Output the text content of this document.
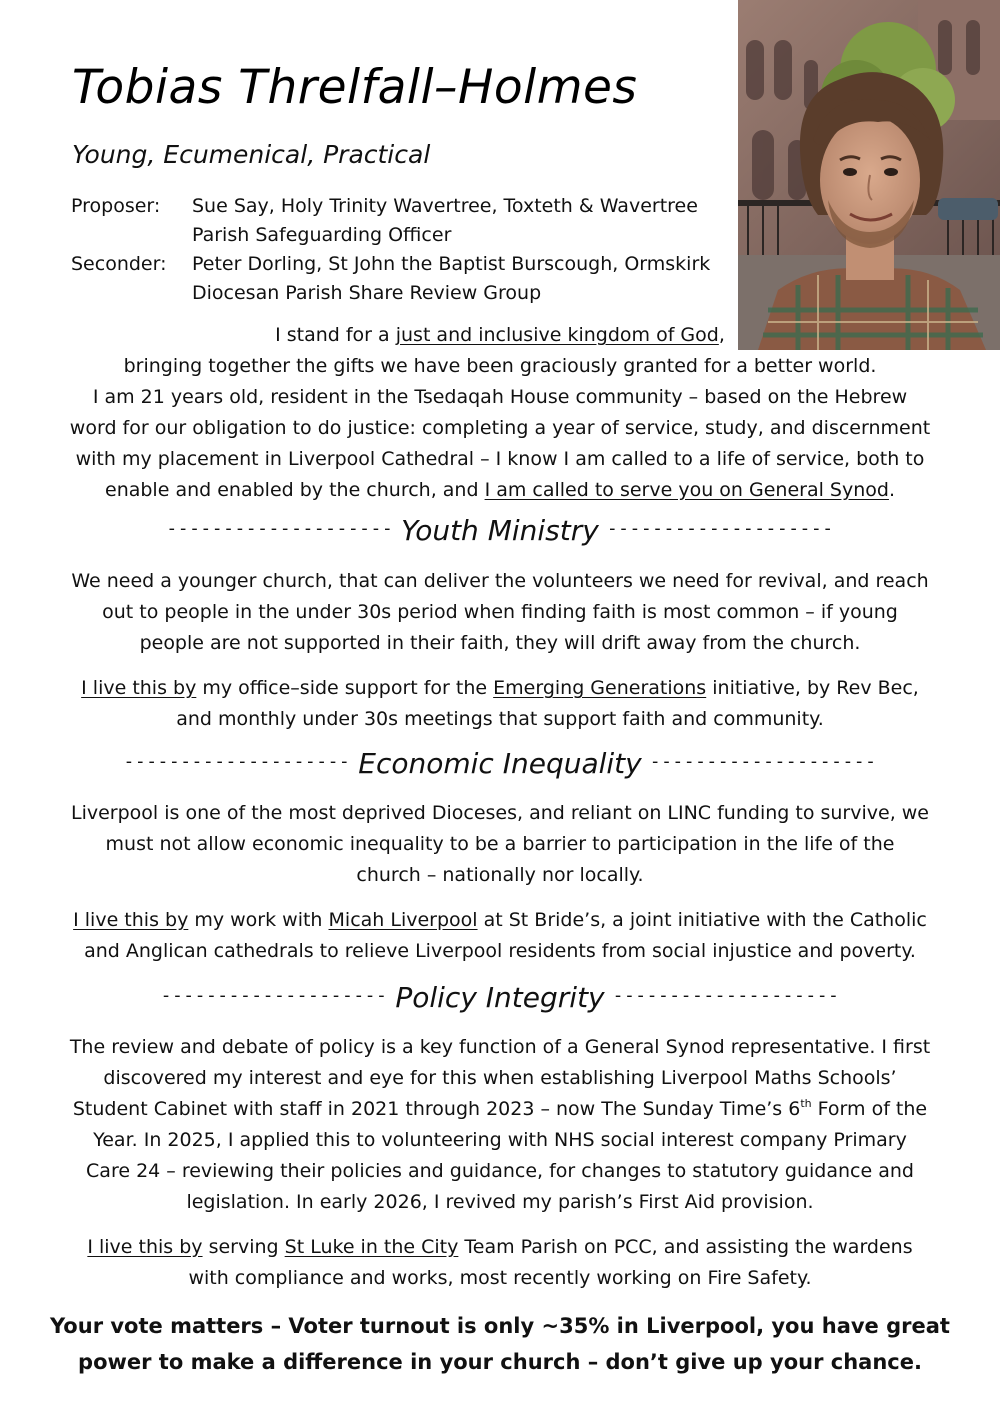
Tobias Threlfall–Holmes
Young, Ecumenical, Practical
Proposer:	Sue Say, Holy Trinity Wavertree, Toxteth & Wavertree
Parish Safeguarding Officer
Seconder:	Peter Dorling, St John the Baptist Burscough, Ormskirk
Diocesan Parish Share Review Group
I stand for a just and inclusive kingdom of God,
bringing together the gifts we have been graciously granted for a better world.
I am 21 years old, resident in the Tsedaqah House community – based on the Hebrew
word for our obligation to do justice: completing a year of service, study, and discernment
with my placement in Liverpool Cathedral – I know I am called to a life of service, both to
enable and enabled by the church, and I am called to serve you on General Synod.
-------------------- Youth Ministry --------------------
We need a younger church, that can deliver the volunteers we need for revival, and reach
out to people in the under 30s period when finding faith is most common – if young
people are not supported in their faith, they will drift away from the church.
I live this by my office–side support for the Emerging Generations initiative, by Rev Bec,
and monthly under 30s meetings that support faith and community.
-------------------- Economic Inequality --------------------
Liverpool is one of the most deprived Dioceses, and reliant on LINC funding to survive, we
must not allow economic inequality to be a barrier to participation in the life of the
church – nationally nor locally.
I live this by my work with Micah Liverpool at St Bride’s, a joint initiative with the Catholic
and Anglican cathedrals to relieve Liverpool residents from social injustice and poverty.
-------------------- Policy Integrity --------------------
The review and debate of policy is a key function of a General Synod representative. I first
discovered my interest and eye for this when establishing Liverpool Maths Schools’
Student Cabinet with staff in 2021 through 2023 – now The Sunday Time’s 6th Form of the
Year. In 2025, I applied this to volunteering with NHS social interest company Primary
Care 24 – reviewing their policies and guidance, for changes to statutory guidance and
legislation. In early 2026, I revived my parish’s First Aid provision.
I live this by serving St Luke in the City Team Parish on PCC, and assisting the wardens
with compliance and works, most recently working on Fire Safety.
Your vote matters – Voter turnout is only ~35% in Liverpool, you have great
power to make a difference in your church – don’t give up your chance.
